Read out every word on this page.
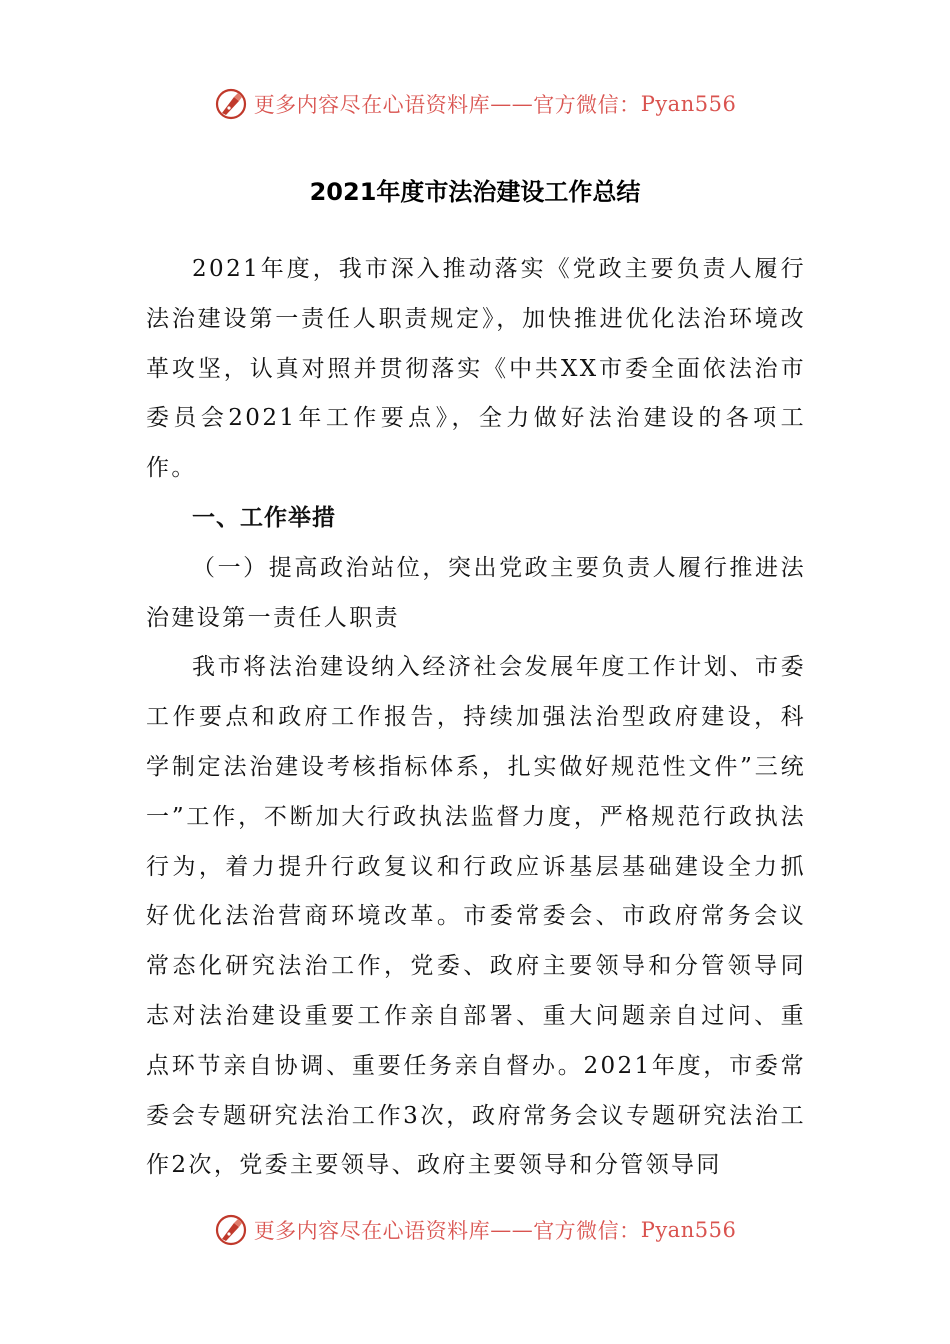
更多内容尽在心语资料库 —— 官方微信： Pyan556
2021年度市法治建设工作总结

2021年度，我市深入推动落实《党政主要负责人履行法治建设第一责任人职责规定》，加快推进优化法治环境改革攻坚，认真对照并贯彻落实《中共XX市委全面依法治市委员会2021年工作要点》，全力做好法治建设的各项工作。

一、工作举措

（一）提高政治站位，突出党政主要负责人履行推进法治建设第一责任人职责

我市将法治建设纳入经济社会发展年度工作计划、市委工作要点和政府工作报告，持续加强法治型政府建设，科学制定法治建设考核指标体系，扎实做好规范性文件”三统一”工作，不断加大行政执法监督力度，严格规范行政执法行为，着力提升行政复议和行政应诉基层基础建设全力抓好优化法治营商环境改革。市委常委会、市政府常务会议常态化研究法治工作，党委、政府主要领导和分管领导同志对法治建设重要工作亲自部署、重大问题亲自过问、重点环节亲自协调、重要任务亲自督办。2021年度，市委常委会专题研究法治工作3次，政府常务会议专题研究法治工作2次，党委主要领导、政府主要领导和分管领导同

更多内容尽在心语资料库 —— 官方微信： Pyan556
